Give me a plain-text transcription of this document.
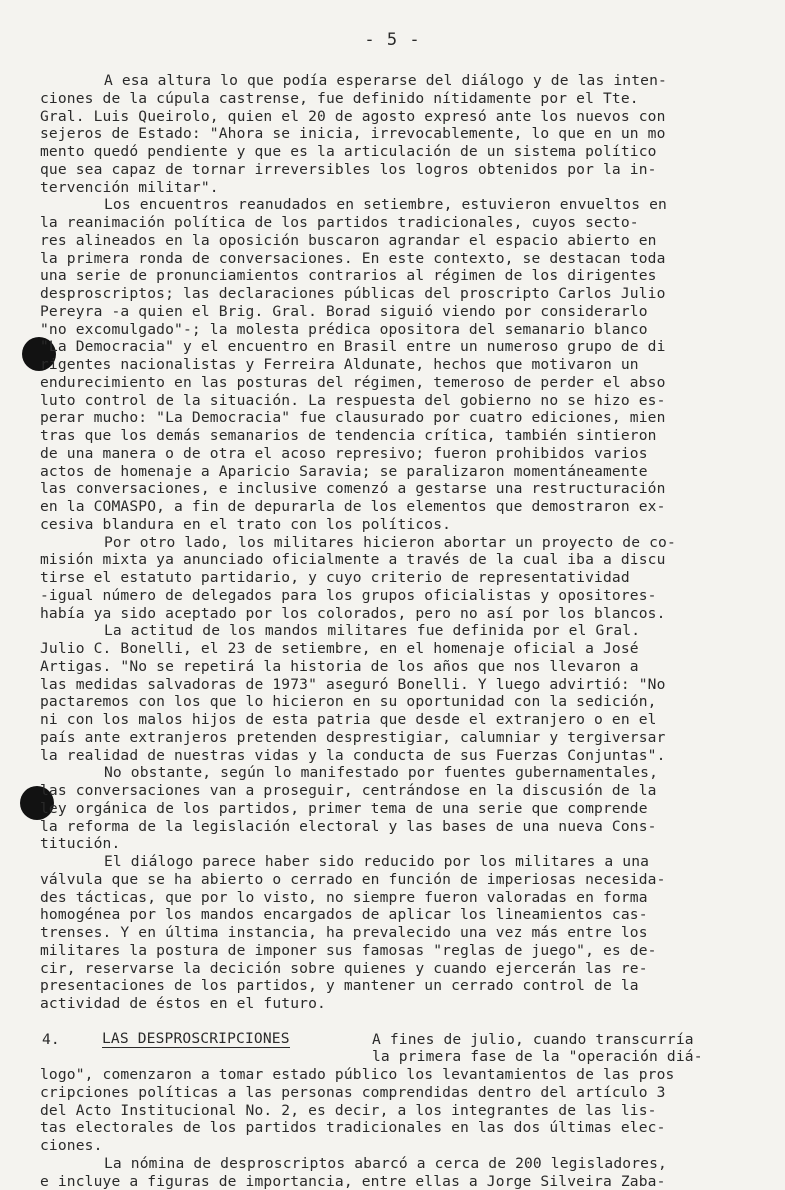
- 5 -
A esa altura lo que podía esperarse del diálogo y de las inten-
ciones de la cúpula castrense, fue definido nítidamente por el Tte.
Gral. Luis Queirolo, quien el 20 de agosto expresó ante los nuevos con
sejeros de Estado: "Ahora se inicia, irrevocablemente, lo que en un mo
mento quedó pendiente y que es la articulación de un sistema político
que sea capaz de tornar irreversibles los logros obtenidos por la in-
tervención militar".
Los encuentros reanudados en setiembre, estuvieron envueltos en
la reanimación política de los partidos tradicionales, cuyos secto-
res alineados en la oposición buscaron agrandar el espacio abierto en
la primera ronda de conversaciones. En este contexto, se destacan toda
una serie de pronunciamientos contrarios al régimen de los dirigentes
desproscriptos; las declaraciones públicas del proscripto Carlos Julio
Pereyra -a quien el Brig. Gral. Borad siguió viendo por considerarlo
"no excomulgado"-; la molesta prédica opositora del semanario blanco
"La Democracia" y el encuentro en Brasil entre un numeroso grupo de di
rigentes nacionalistas y Ferreira Aldunate, hechos que motivaron un
endurecimiento en las posturas del régimen, temeroso de perder el abso
luto control de la situación. La respuesta del gobierno no se hizo es-
perar mucho: "La Democracia" fue clausurado por cuatro ediciones, mien
tras que los demás semanarios de tendencia crítica, también sintieron
de una manera o de otra el acoso represivo; fueron prohibidos varios
actos de homenaje a Aparicio Saravia; se paralizaron momentáneamente
las conversaciones, e inclusive comenzó a gestarse una restructuración
en la COMASPO, a fin de depurarla de los elementos que demostraron ex-
cesiva blandura en el trato con los políticos.
Por otro lado, los militares hicieron abortar un proyecto de co-
misión mixta ya anunciado oficialmente a través de la cual iba a discu
tirse el estatuto partidario, y cuyo criterio de representatividad
-igual número de delegados para los grupos oficialistas y opositores-
había ya sido aceptado por los colorados, pero no así por los blancos.
La actitud de los mandos militares fue definida por el Gral.
Julio C. Bonelli, el 23 de setiembre, en el homenaje oficial a José
Artigas. "No se repetirá la historia de los años que nos llevaron a
las medidas salvadoras de 1973" aseguró Bonelli. Y luego advirtió: "No
pactaremos con los que lo hicieron en su oportunidad con la sedición,
ni con los malos hijos de esta patria que desde el extranjero o en el
país ante extranjeros pretenden desprestigiar, calumniar y tergiversar
la realidad de nuestras vidas y la conducta de sus Fuerzas Conjuntas".
No obstante, según lo manifestado por fuentes gubernamentales,
las conversaciones van a proseguir, centrándose en la discusión de la
ley orgánica de los partidos, primer tema de una serie que comprende
la reforma de la legislación electoral y las bases de una nueva Cons-
titución.
El diálogo parece haber sido reducido por los militares a una
válvula que se ha abierto o cerrado en función de imperiosas necesida-
des tácticas, que por lo visto, no siempre fueron valoradas en forma
homogénea por los mandos encargados de aplicar los lineamientos cas-
trenses. Y en última instancia, ha prevalecido una vez más entre los
militares la postura de imponer sus famosas "reglas de juego", es de-
cir, reservarse la decición sobre quienes y cuando ejercerán las re-
presentaciones de los partidos, y mantener un cerrado control de la
actividad de éstos en el futuro.

4.

	LAS DESPROSCRIPCIONES

	A fines de julio, cuando transcurría

la primera fase de la "operación diá-
logo", comenzaron a tomar estado público los levantamientos de las pros
cripciones políticas a las personas comprendidas dentro del artículo 3
del Acto Institucional No. 2, es decir, a los integrantes de las lis-
tas electorales de los partidos tradicionales en las dos últimas elec-
ciones.
La nómina de desproscriptos abarcó a cerca de 200 legisladores,
e incluye a figuras de importancia, entre ellas a Jorge Silveira Zaba-
